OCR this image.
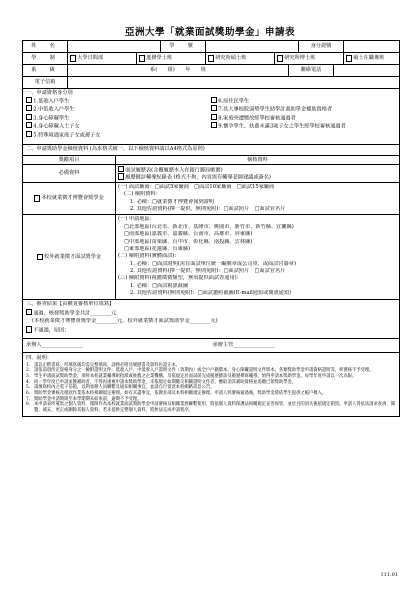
亞洲大學「就業面試獎助學金」申請表
姓　名	學　號	身分證號
學　制	大學日間部	進修學士班	研究所碩士班	研究所博士班	碩士在職專班
系　級	系(　　組)　　年　　班	聯絡電話
電子信箱
一、申請資格身分別
1.低收入戶學生
2.中低收入戶學生
3.身心障礙學生
4.身心障礙人士子女
5.特殊境遇家庭子女或孫子女
6.原住民學生
7.具大專校院弱勢學生助學計畫助學金補助資格者
8.家庭突遭變故經學校審核通過者
9.懷孕學生、扶養未滿3歲子女之學生經學校審核通過者
二、申請獎助學金檢核資料 (為求格式統一，以下檢核資料請以A4格式為原則)
獎勵項目	檢核資料
必備資料	面試履歷表(含覆履歷本人在銀行郵局帳號)
履歷健診輔導紀錄表 (格式不拘，內容需有輔導老師建議或簽名)
本校就業徵才博覽會獎學金
(一) 面試廠商：□面試5家廠商　□面試10家廠商　□面試15家廠商
(二) 檢附資料：
1. 必檢：□就業徵才博覽會報到證明
2. 其他佐證資料(擇一提供，無則免附)：□面試照片　□面試官名片
校外就業徵才面試獎學金
(一) 申請地區：
□北部地區(台北市、新北市、基隆市、桃園市、新竹市、新竹縣、宜蘭縣)
□南部地區(嘉義市、嘉義縣、台南市、高雄市、屏東縣)
□中部地區(苗栗縣、台中市、彰化縣、南投縣、雲林縣)
□東部地區(花蓮縣、台東縣)
(二) 檢附資料(實體面試)：
1. 必檢：□面試證明(需有面試單位統一編號章或公司章，或面試官簽章)
2. 其他佐證資料(擇一提供，無則免附)：□面試照片　□面試官名片
(三) 檢附資料(視應徵徵類型，無須提供面試者通用)：
1. 必檢：□面試視訊截圖
2. 其他佐證資料(無則免附)：□面試邀約截圖(E-mail通知或簡訊通知)
三、審查結果【由權責審核單位填寫】
通過，核發獎助學金共計________元
(本校就業徵才博覽會獎學金________元，校外就業徵才面試獎助學金________元)
不通過，原因：
承辦人________________	承辦主管________________
四、說明：
1. 請以正楷書寫，所填寫處均需完整填寫，請務必附送履歷書及資料佐證正本。
2. 請依前項所定資格身分之一檢附證明文件：低收入戶、中低收入戶證明文件（效期內）或全戶戶籍謄本，身心障礙證明文件影本，各類獎助學金申請資格證明等，經審核不予受理。
3. 學生申請面試獎助學金，須經本校就業輔導組指派或推薦之企業機構，及依規定於面試前完成履歷健診及履歷撰寫輔導，始得申請本獎助學金。每學年度申請以一次為限。
4. 同一學年度已申請並獲補助者，不得再重複申請本獎助學金，未依規定如期繳交相關證明文件者，應取消其補助資格並追繳已領獎助學金。
5. 請填寫校內之電子信箱，以利承辦人員聯繫及通知相關事宜，並請自行留意本校網路訊息公告。
6. 獎助學金審核及撥款作業依本校相關規定辦理，如有未盡事宜，依教育部及本校相關規定辦理。申請人經審核通過後，獎助學金將依學生提供之帳戶撥入。
7. 獎助學金申請期限至本學期期末結束前，逾期不予受理。
8. 本申請表所蒐集之個人資料，僅限作為本校就業面試獎助學金申請審核及相關業務聯繫使用，將依個人資料保護法相關規定妥善保管，並於目的消失後依規定銷毀。申請人得依法請求查詢、閱覽、補充、更正或刪除其個人資料，若未提供完整個人資料，將無法完成申請程序。
111.01
